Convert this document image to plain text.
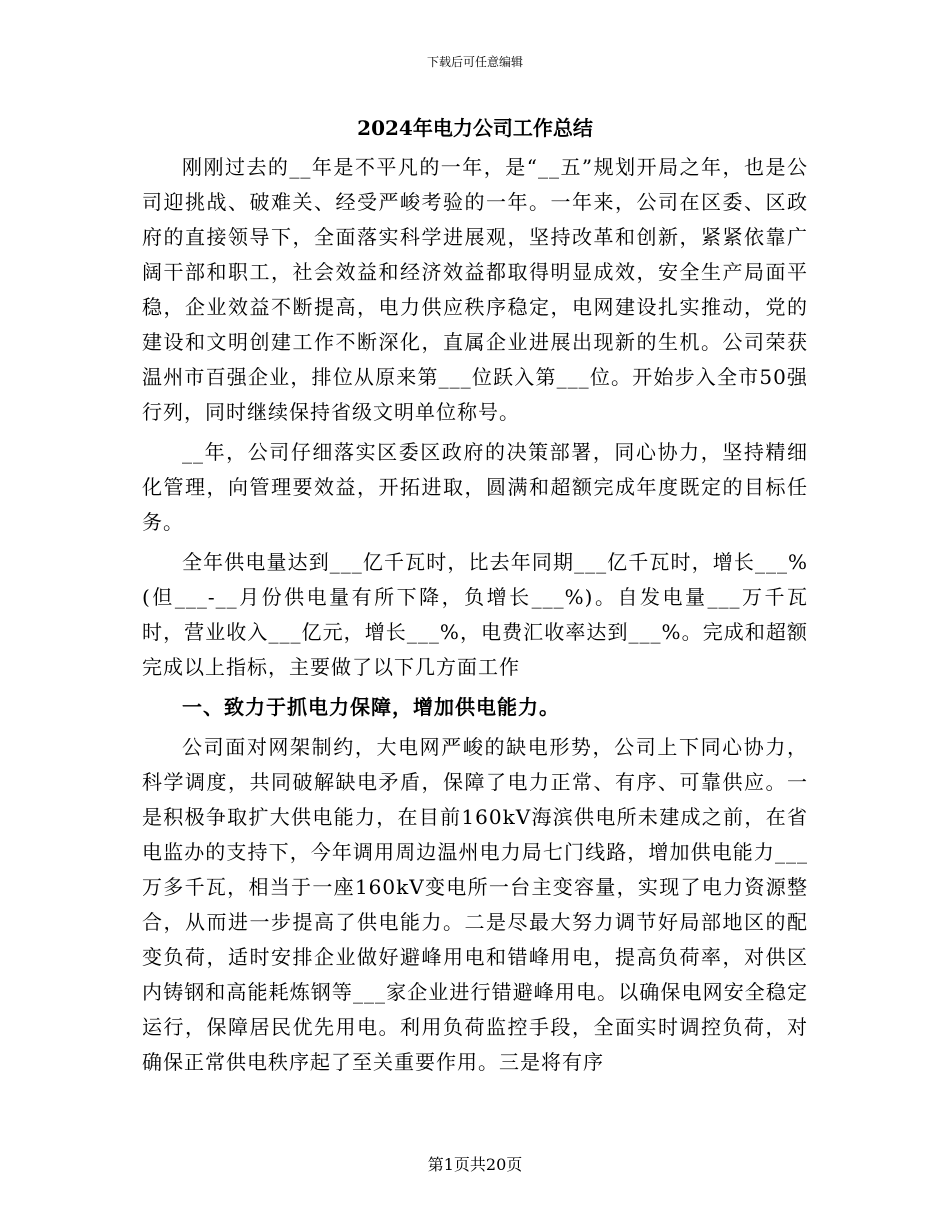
下载后可任意编辑
2024年电力公司工作总结

刚刚过去的__年是不平凡的一年，是“__五”规划开局之年，也是公司迎挑战、破难关、经受严峻考验的一年。一年来，公司在区委、区政府的直接领导下，全面落实科学进展观，坚持改革和创新，紧紧依靠广阔干部和职工，社会效益和经济效益都取得明显成效，安全生产局面平稳，企业效益不断提高，电力供应秩序稳定，电网建设扎实推动，党的建设和文明创建工作不断深化，直属企业进展出现新的生机。公司荣获温州市百强企业，排位从原来第___位跃入第___位。开始步入全市50强行列，同时继续保持省级文明单位称号。

__年，公司仔细落实区委区政府的决策部署，同心协力，坚持精细化管理，向管理要效益，开拓进取，圆满和超额完成年度既定的目标任务。

全年供电量达到___亿千瓦时，比去年同期___亿千瓦时，增长___%(但___-__月份供电量有所下降，负增长___%)。自发电量___万千瓦时，营业收入___亿元，增长___%，电费汇收率达到___%。完成和超额完成以上指标，主要做了以下几方面工作

一、致力于抓电力保障，增加供电能力。

公司面对网架制约，大电网严峻的缺电形势，公司上下同心协力，科学调度，共同破解缺电矛盾，保障了电力正常、有序、可靠供应。一是积极争取扩大供电能力，在目前160kV海滨供电所未建成之前，在省电监办的支持下，今年调用周边温州电力局七门线路，增加供电能力___万多千瓦，相当于一座160kV变电所一台主变容量，实现了电力资源整合，从而进一步提高了供电能力。二是尽最大努力调节好局部地区的配变负荷，适时安排企业做好避峰用电和错峰用电，提高负荷率，对供区内铸钢和高能耗炼钢等___家企业进行错避峰用电。以确保电网安全稳定运行，保障居民优先用电。利用负荷监控手段，全面实时调控负荷，对确保正常供电秩序起了至关重要作用。三是将有序

第1页共20页
